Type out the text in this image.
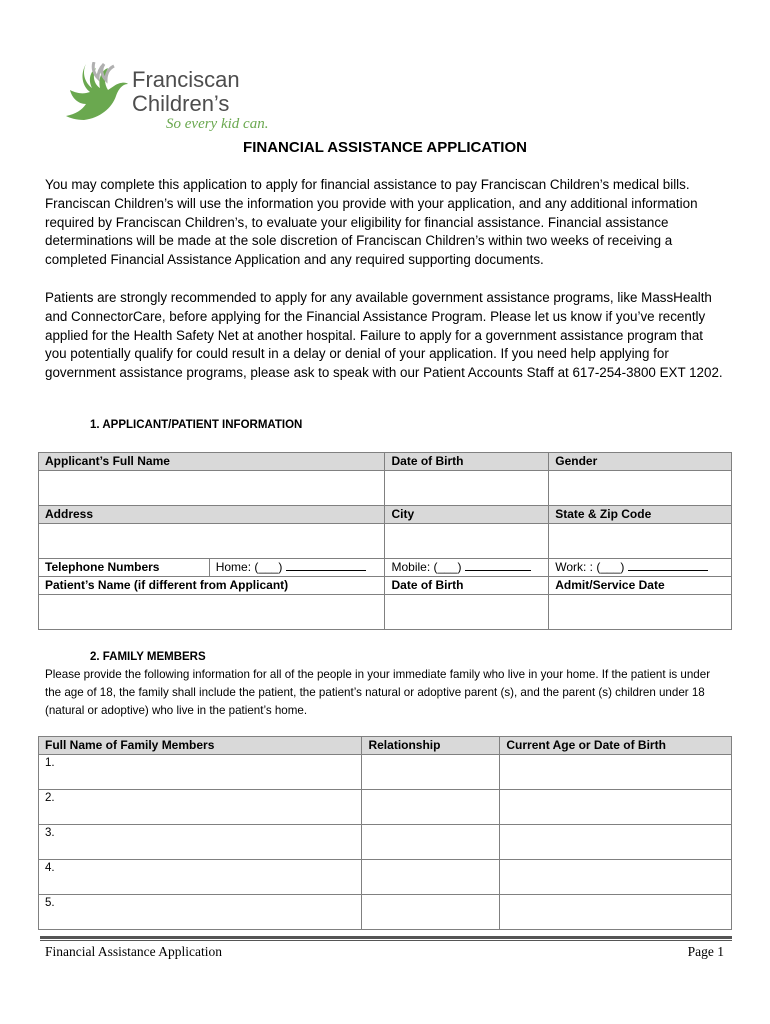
Franciscan
Children’s
So every kid can.
FINANCIAL ASSISTANCE APPLICATION

You may complete this application to apply for financial assistance to pay Franciscan Children’s medical bills. Franciscan Children’s will use the information you provide with your application, and any additional information required by Franciscan Children’s, to evaluate your eligibility for financial assistance. Financial assistance determinations will be made at the sole discretion of Franciscan Children’s within two weeks of receiving a completed Financial Assistance Application and any required supporting documents.

Patients are strongly recommended to apply for any available government assistance programs, like MassHealth and ConnectorCare, before applying for the Financial Assistance Program. Please let us know if you’ve recently applied for the Health Safety Net at another hospital. Failure to apply for a government assistance program that you potentially qualify for could result in a delay or denial of your application. If you need help applying for government assistance programs, please ask to speak with our Patient Accounts Staff at 617-254-3800 EXT 1202.

1. APPLICANT/PATIENT INFORMATION
Applicant’s Full Name		Date of Birth	Gender

Address		City	State & Zip Code

Telephone Numbers	Home: (___)	Mobile: (___)	Work: : (___)
Patient’s Name (if different from Applicant)		Date of Birth	Admit/Service Date

2. FAMILY MEMBERS

Please provide the following information for all of the people in your immediate family who live in your home. If the patient is under the age of 18, the family shall include the patient, the patient’s natural or adoptive parent (s), and the parent (s) children under 18 (natural or adoptive) who live in the patient’s home.

Full Name of Family Members	Relationship	Current Age or Date of Birth

1.		

2.		

3.		

4.		

5.		

Financial Assistance Application	Page 1
